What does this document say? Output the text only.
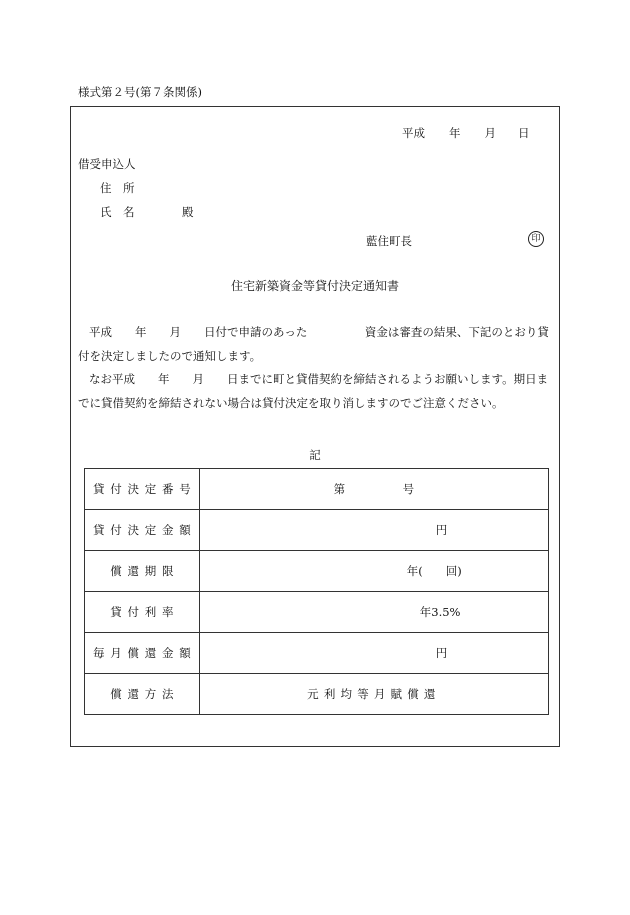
様式第２号(第７条関係)
平成 年 月 日
借受申込人
住　所
氏　名	殿
藍住町長	印
住宅新築資金等貸付決定通知書
平成　　年　　月　　日付で申請のあった　　　　　資金は審査の結果、下記のとおり貸付を決定しましたので通知します。
なお平成　　年　　月　　日までに町と貸借契約を締結されるようお願いします。期日までに貸借契約を締結されない場合は貸付決定を取り消しますのでご注意ください。
記
貸付決定番号	第　　　　　号
貸付決定金額	円

償還期限	年(　　回)

貸付利率	年3.5%

毎月償還金額	円

償還方法	元利均等月賦償還
